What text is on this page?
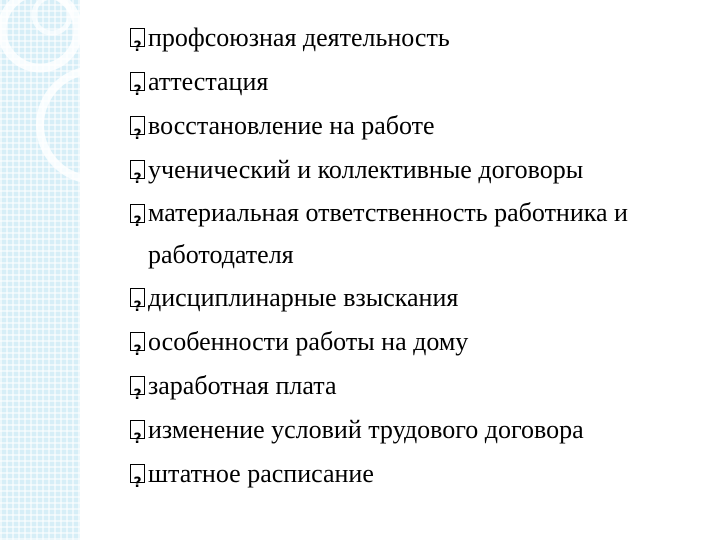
?
профсоюзная деятельность
?
аттестация
?
восстановление на работе
?
ученический и коллективные договоры
?
материальная ответственность работника и работодателя
?
дисциплинарные взыскания
?
особенности работы на дому
?
заработная плата
?
изменение условий трудового договора
?
штатное расписание
